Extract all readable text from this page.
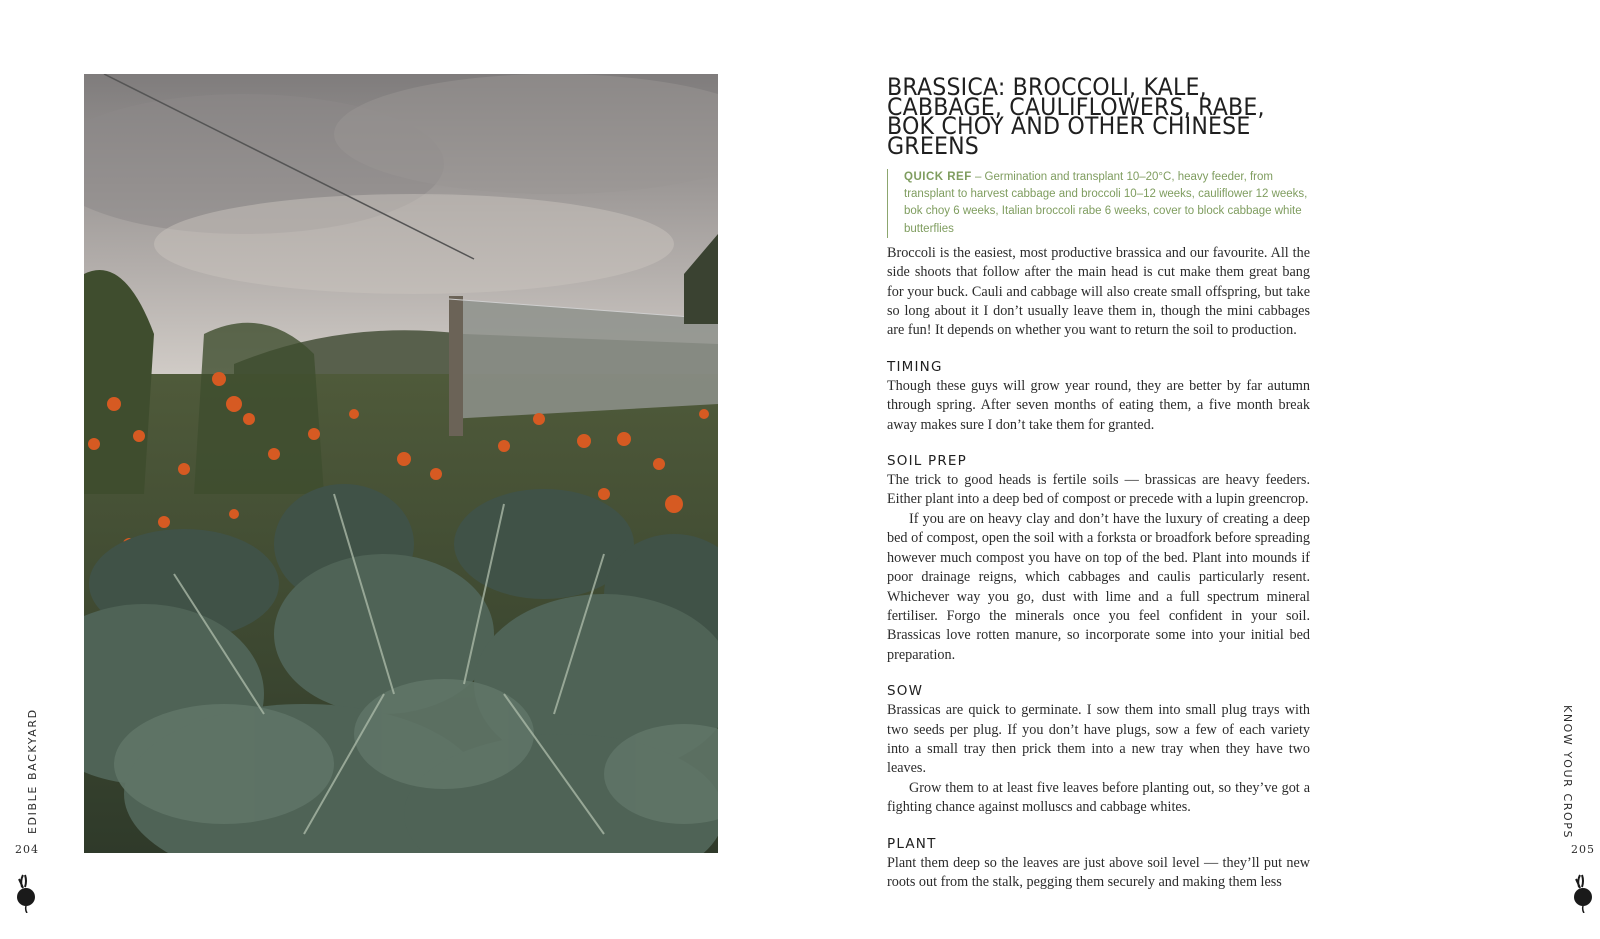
EDIBLE BACKYARD
204
KNOW YOUR CROPS
205
BRASSICA: BROCCOLI, KALE, CABBAGE, CAULIFLOWERS, RABE, BOK CHOY AND OTHER CHINESE GREENS
QUICK REF – Germination and transplant 10–20°C, heavy feeder, from transplant to harvest cabbage and broccoli 10–12 weeks, cauliflower 12 weeks, bok choy 6 weeks, Italian broccoli rabe 6 weeks, cover to block cabbage white butterflies

Broccoli is the easiest, most productive brassica and our favourite. All the side shoots that follow after the main head is cut make them great bang for your buck. Cauli and cabbage will also create small offspring, but take so long about it I don’t usually leave them in, though the mini cabbages are fun! It depends on whether you want to return the soil to production.

TIMING

Though these guys will grow year round, they are better by far autumn through spring. After seven months of eating them, a five month break away makes sure I don’t take them for granted.

SOIL PREP

The trick to good heads is fertile soils — brassicas are heavy feeders. Either plant into a deep bed of compost or precede with a lupin greencrop.

If you are on heavy clay and don’t have the luxury of creating a deep bed of compost, open the soil with a forksta or broadfork before spreading however much compost you have on top of the bed. Plant into mounds if poor drainage reigns, which cabbages and caulis particularly resent. Whichever way you go, dust with lime and a full spectrum mineral fertiliser. Forgo the minerals once you feel confident in your soil. Brassicas love rotten manure, so incorporate some into your initial bed preparation.

SOW

Brassicas are quick to germinate. I sow them into small plug trays with two seeds per plug. If you don’t have plugs, sow a few of each variety into a small tray then prick them into a new tray when they have two leaves.

Grow them to at least five leaves before planting out, so they’ve got a fighting chance against molluscs and cabbage whites.

PLANT

Plant them deep so the leaves are just above soil level — they’ll put new roots out from the stalk, pegging them securely and making them less
